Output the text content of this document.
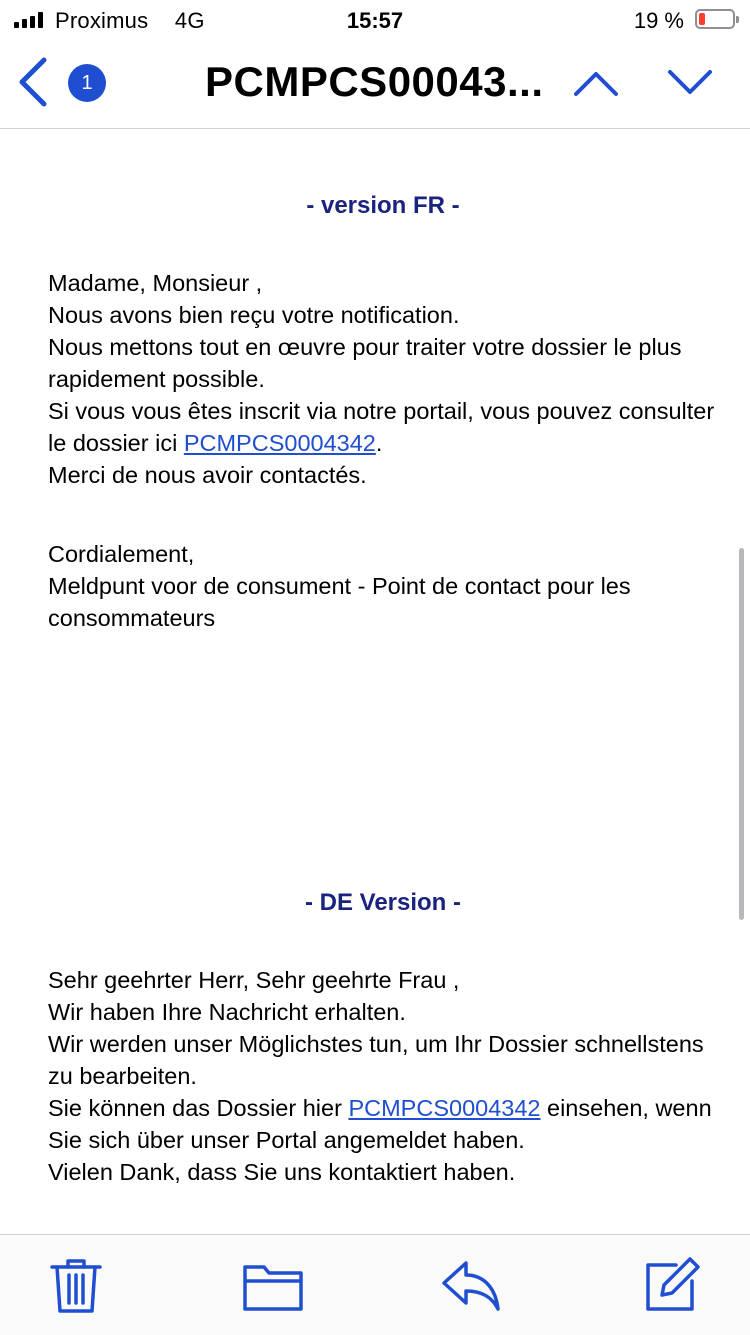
Proximus 4G	15:57	19 %
1	PCMPCS00043...

- version FR -

Madame, Monsieur ,

Nous avons bien reçu votre notification.

Nous mettons tout en œuvre pour traiter votre dossier le plus rapidement possible.

Si vous vous êtes inscrit via notre portail, vous pouvez consulter le dossier ici PCMPCS0004342.

Merci de nous avoir contactés.

Cordialement,

Meldpunt voor de consument - Point de contact pour les consommateurs

- DE Version -

Sehr geehrter Herr, Sehr geehrte Frau ,

Wir haben Ihre Nachricht erhalten.

Wir werden unser Möglichstes tun, um Ihr Dossier schnellstens zu bearbeiten.

Sie können das Dossier hier PCMPCS0004342 einsehen, wenn Sie sich über unser Portal angemeldet haben.

Vielen Dank, dass Sie uns kontaktiert haben.
